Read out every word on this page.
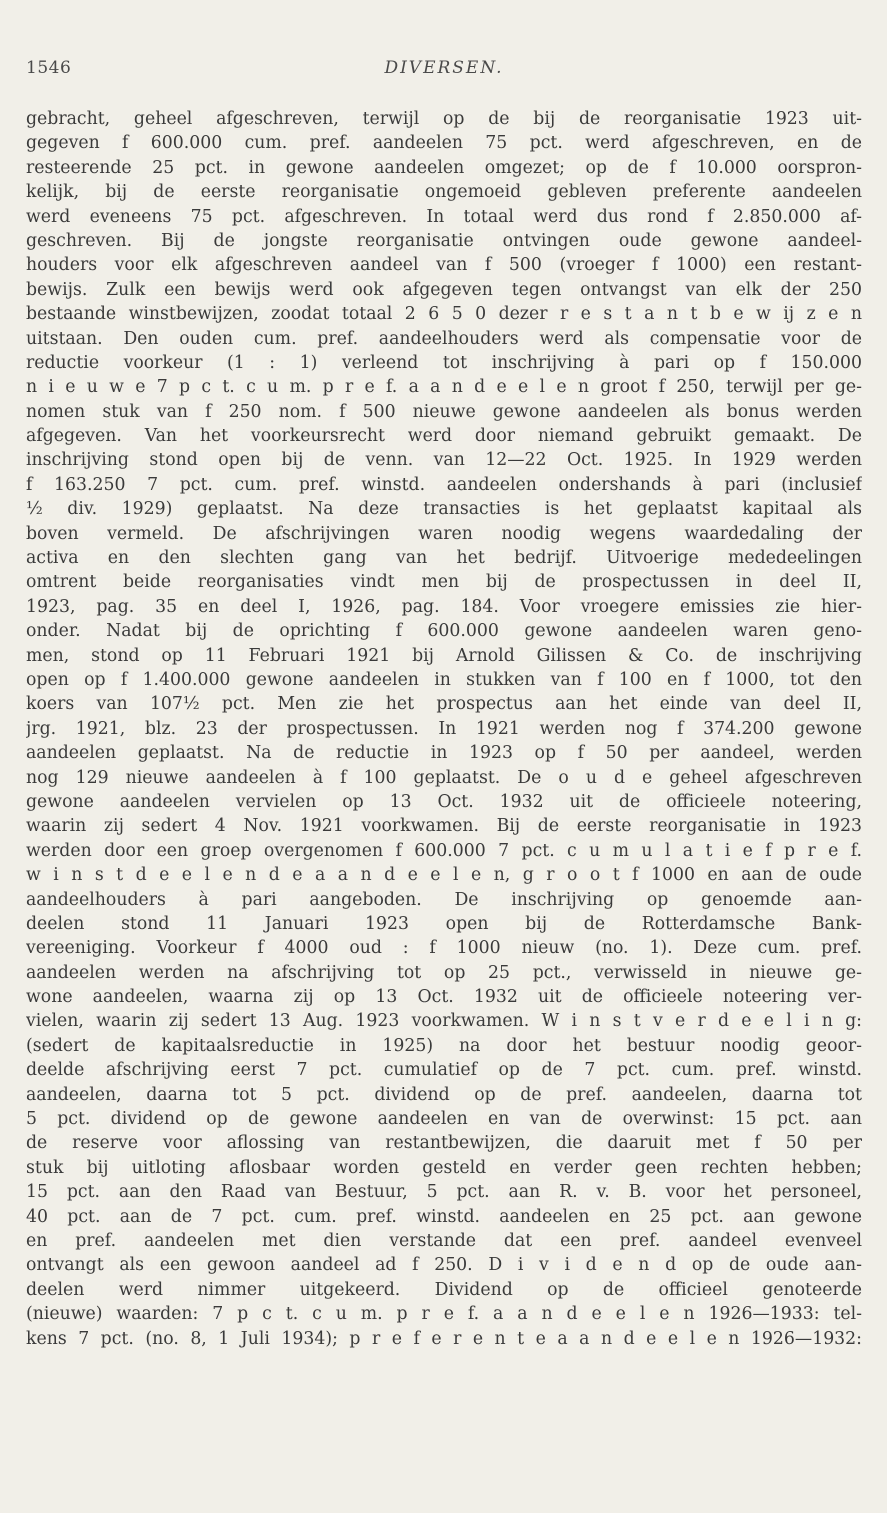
1546	DIVERSEN.
gebracht, geheel afgeschreven, terwijl op de bij de reorganisatie 1923 uit-
gegeven f 600.000 cum. pref. aandeelen 75 pct. werd afgeschreven, en de
resteerende 25 pct. in gewone aandeelen omgezet; op de f 10.000 oorspron-
kelijk, bij de eerste reorganisatie ongemoeid gebleven preferente aandeelen
werd eveneens 75 pct. afgeschreven. In totaal werd dus rond f 2.850.000 af-
geschreven. Bij de jongste reorganisatie ontvingen oude gewone aandeel-
houders voor elk afgeschreven aandeel van f 500 (vroeger f 1000) een restant-
bewijs. Zulk een bewijs werd ook afgegeven tegen ontvangst van elk der 250
bestaande winstbewijzen, zoodat totaal 2 6 5 0 dezer r e s t a n t b e w ij z e n
uitstaan. Den ouden cum. pref. aandeelhouders werd als compensatie voor de
reductie voorkeur (1 : 1) verleend tot inschrijving à pari op f 150.000
n i e u w e 7 p c t. c u m. p r e f. a a n d e e l e n groot f 250, terwijl per ge-
nomen stuk van f 250 nom. f 500 nieuwe gewone aandeelen als bonus werden
afgegeven. Van het voorkeursrecht werd door niemand gebruikt gemaakt. De
inschrijving stond open bij de venn. van 12—22 Oct. 1925. In 1929 werden
f 163.250 7 pct. cum. pref. winstd. aandeelen ondershands à pari (inclusief
½ div. 1929) geplaatst. Na deze transacties is het geplaatst kapitaal als
boven vermeld. De afschrijvingen waren noodig wegens waardedaling der
activa en den slechten gang van het bedrijf. Uitvoerige mededeelingen
omtrent beide reorganisaties vindt men bij de prospectussen in deel II,
1923, pag. 35 en deel I, 1926, pag. 184. Voor vroegere emissies zie hier-
onder. Nadat bij de oprichting f 600.000 gewone aandeelen waren geno-
men, stond op 11 Februari 1921 bij Arnold Gilissen & Co. de inschrijving
open op f 1.400.000 gewone aandeelen in stukken van f 100 en f 1000, tot den
koers van 107½ pct. Men zie het prospectus aan het einde van deel II,
jrg. 1921, blz. 23 der prospectussen. In 1921 werden nog f 374.200 gewone
aandeelen geplaatst. Na de reductie in 1923 op f 50 per aandeel, werden
nog 129 nieuwe aandeelen à f 100 geplaatst. De o u d e geheel afgeschreven
gewone aandeelen vervielen op 13 Oct. 1932 uit de officieele noteering,
waarin zij sedert 4 Nov. 1921 voorkwamen. Bij de eerste reorganisatie in 1923
werden door een groep overgenomen f 600.000 7 pct. c u m u l a t i e f p r e f.
w i n s t d e e l e n d e a a n d e e l e n, g r o o t f 1000 en aan de oude
aandeelhouders à pari aangeboden. De inschrijving op genoemde aan-
deelen stond 11 Januari 1923 open bij de Rotterdamsche Bank-
vereeniging. Voorkeur f 4000 oud : f 1000 nieuw (no. 1). Deze cum. pref.
aandeelen werden na afschrijving tot op 25 pct., verwisseld in nieuwe ge-
wone aandeelen, waarna zij op 13 Oct. 1932 uit de officieele noteering ver-
vielen, waarin zij sedert 13 Aug. 1923 voorkwamen. W i n s t v e r d e e l i n g:
(sedert de kapitaalsreductie in 1925) na door het bestuur noodig geoor-
deelde afschrijving eerst 7 pct. cumulatief op de 7 pct. cum. pref. winstd.
aandeelen, daarna tot 5 pct. dividend op de pref. aandeelen, daarna tot
5 pct. dividend op de gewone aandeelen en van de overwinst: 15 pct. aan
de reserve voor aflossing van restantbewijzen, die daaruit met f 50 per
stuk bij uitloting aflosbaar worden gesteld en verder geen rechten hebben;
15 pct. aan den Raad van Bestuur, 5 pct. aan R. v. B. voor het personeel,
40 pct. aan de 7 pct. cum. pref. winstd. aandeelen en 25 pct. aan gewone
en pref. aandeelen met dien verstande dat een pref. aandeel evenveel
ontvangt als een gewoon aandeel ad f 250. D i v i d e n d op de oude aan-
deelen werd nimmer uitgekeerd. Dividend op de officieel genoteerde
(nieuwe) waarden: 7 p c t. c u m. p r e f. a a n d e e l e n 1926—1933: tel-
kens 7 pct. (no. 8, 1 Juli 1934); p r e f e r e n t e a a n d e e l e n 1926—1932:
